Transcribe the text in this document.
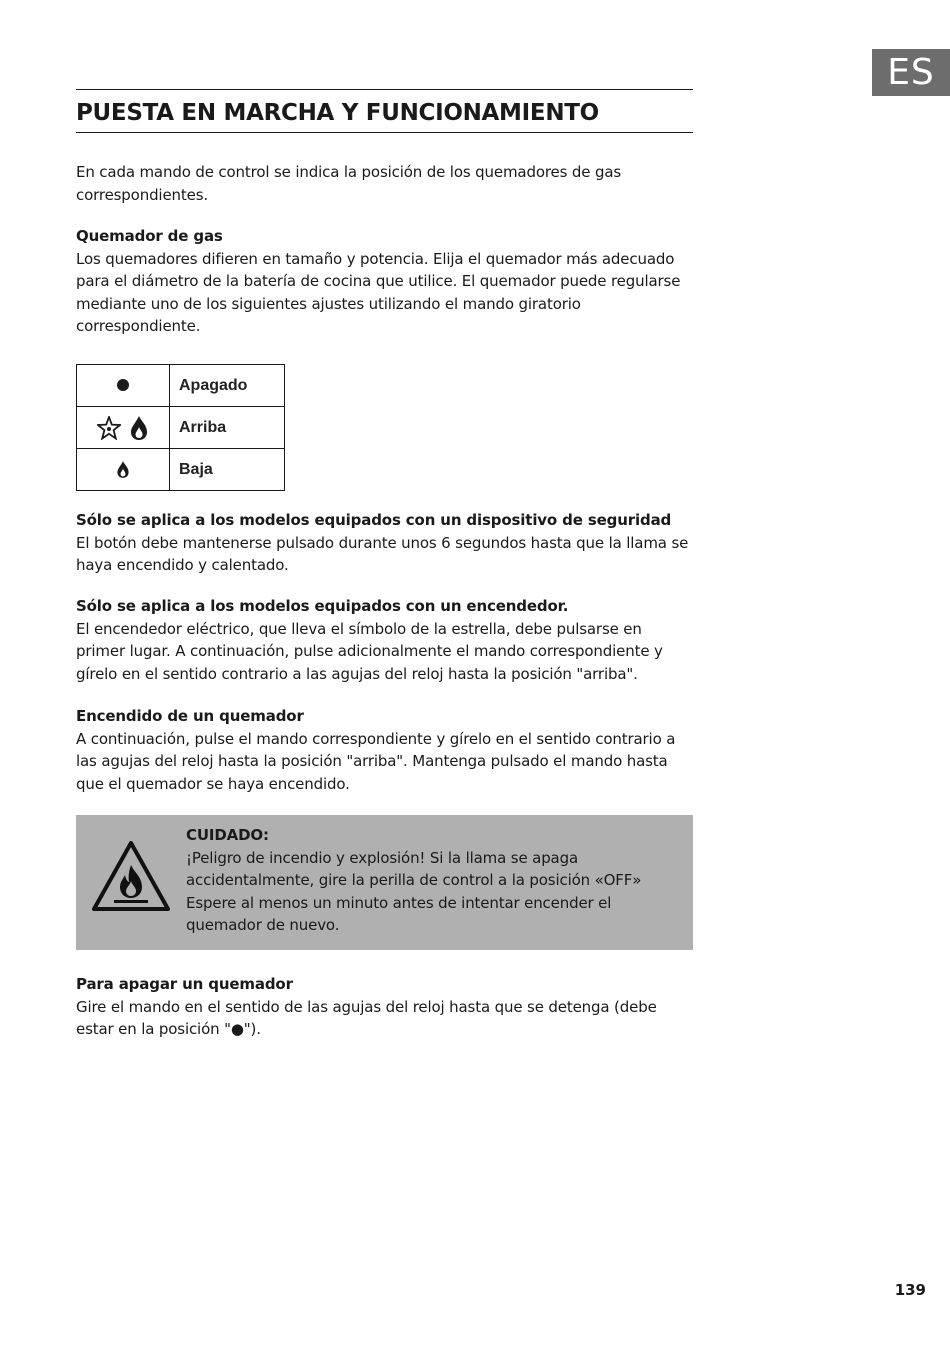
ES
PUESTA EN MARCHA Y FUNCIONAMIENTO
En cada mando de control se indica la posición de los quemadores de gas correspondientes.
Quemador de gas
Los quemadores difieren en tamaño y potencia. Elija el quemador más adecuado para el diámetro de la batería de cocina que utilice. El quemador puede regularse mediante uno de los siguientes ajustes utilizando el mando giratorio correspondiente.
	Apagado
	Arriba
	Baja
Sólo se aplica a los modelos equipados con un dispositivo de seguridad
El botón debe mantenerse pulsado durante unos 6 segundos hasta que la llama se haya encendido y calentado.
Sólo se aplica a los modelos equipados con un encendedor.
El encendedor eléctrico, que lleva el símbolo de la estrella, debe pulsarse en primer lugar. A continuación, pulse adicionalmente el mando correspondiente y gírelo en el sentido contrario a las agujas del reloj hasta la posición "arriba".
Encendido de un quemador
A continuación, pulse el mando correspondiente y gírelo en el sentido contrario a las agujas del reloj hasta la posición "arriba". Mantenga pulsado el mando hasta que el quemador se haya encendido.
CUIDADO:
¡Peligro de incendio y explosión! Si la llama se apaga accidentalmente, gire la perilla de control a la posición «OFF» Espere al menos un minuto antes de intentar encender el quemador de nuevo.
Para apagar un quemador
Gire el mando en el sentido de las agujas del reloj hasta que se detenga (debe estar en la posición "●").
139
